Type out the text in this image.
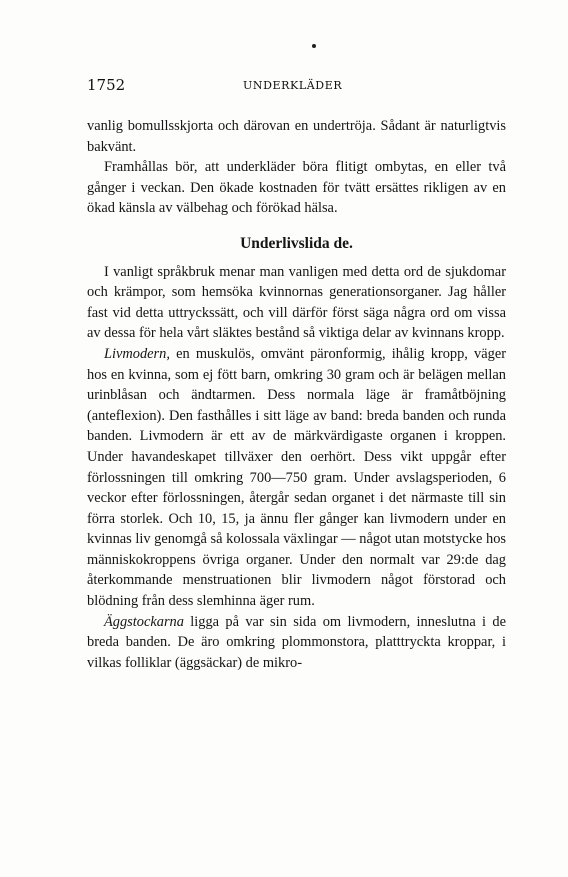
1752	UNDERKLÄDER

vanlig bomullsskjorta och därovan en undertröja. Sådant är naturligtvis bakvänt.

Framhållas bör, att underkläder böra flitigt ombytas, en eller två gånger i veckan. Den ökade kostnaden för tvätt ersättes rikligen av en ökad känsla av välbehag och förökad hälsa.

Underlivslida de.

I vanligt språkbruk menar man vanligen med detta ord de sjukdomar och krämpor, som hemsöka kvinnornas generationsorganer. Jag håller fast vid detta uttryckssätt, och vill därför först säga några ord om vissa av dessa för hela vårt släktes bestånd så viktiga delar av kvinnans kropp.

Livmodern, en muskulös, omvänt päronformig, ihålig kropp, väger hos en kvinna, som ej fött barn, omkring 30 gram och är belägen mellan urinblåsan och ändtarmen. Dess normala läge är framåtböjning (anteflexion). Den fasthålles i sitt läge av band: breda banden och runda banden. Livmodern är ett av de märkvärdigaste organen i kroppen. Under havandeskapet tillväxer den oerhört. Dess vikt uppgår efter förlossningen till omkring 700—750 gram. Under avslagsperioden, 6 veckor efter förlossningen, återgår sedan organet i det närmaste till sin förra storlek. Och 10, 15, ja ännu fler gånger kan livmodern under en kvinnas liv genomgå så kolossala växlingar — något utan motstycke hos människokroppens övriga organer. Under den normalt var 29:de dag återkommande menstruationen blir livmodern något förstorad och blödning från dess slemhinna äger rum.

Äggstockarna ligga på var sin sida om livmodern, inneslutna i de breda banden. De äro omkring plommonstora, platttryckta kroppar, i vilkas folliklar (äggsäckar) de mikro-
